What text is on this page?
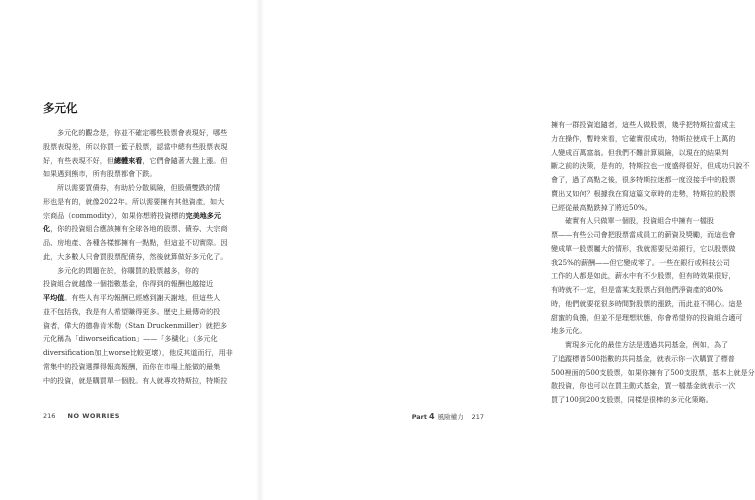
多元化
多元化的觀念是，你並不確定哪些股票會表現好，哪些
股票表現差，所以你買一籃子股票，認當中總有些股票表現
好，有些表現不好，但總體來看，它們會隨著大盤上漲。但
如果遇到熊市，所有股票都會下跌。
所以需要買債券，有助於分散風險，但股債雙跌的情
形也是有的，就像2022年。所以需要擁有其他資產，如大
宗商品（commodity），如果你想將投資標的完美地多元
化，你的投資組合應該擁有全球各地的股票、債券、大宗商
品、房地產、各種各樣都擁有一點點，但這並不切實際。因
此，大多數人只會買股票配債券，然後就算做好多元化了。
多元化的問題在於，你購買的股票越多，你的
投資組合就越像一個指數基金，你得到的報酬也越接近
平均值。有些人有平均報酬已經感到謝天謝地，但這些人
並不包括我，我是有人希望賺得更多。歷史上最傳奇的投
資者，偉大的德魯肯米勒（Stan Druckenmiller）就把多
元化稱為「diworseification」——「多穢化」（多元化
diversification加上worse比較更壞），他反其道而行，用非
常集中的投資選擇得報高報酬，而你在市場上能做的最集
中的投資，就是購買單一個股。有人就專攻特斯拉，特斯拉
216 NO WORRIES
擁有一群投資追隨者，這些人做股票，幾乎把特斯拉當成主
力在操作，暫時來看，它確實很成功，特斯拉使成千上萬的
人變成百萬富翁。但我們不難計算風險，以現在的結果判
斷之前的決策，是有的，特斯拉也一度盛得很好，但成功只說不
會了，過了高點之後，很多特斯拉迷都一度沒接手中的股票
賣出又如何？根據我在寫這篇文章時的走勢，特斯拉的股票
已經從最高點跌掉了將近50%。
確實有人只做單一個股，投資組合中擁有一檔股
票——有些公司會把股票當成員工的薪資及獎勵，而這也會
變成單一股票屬大的情形，我就需要兒弟銀行，它以股票做
我25%的薪酬——但它變成零了。一些在銀行或科技公司
工作的人都是如此，薪水中有不少股票，但有時效果很好，
有時就不一定，但是當某支股票占到他們淨資產的80%
時，他們就要花很多時間對股票的漲跌，而此並不開心。這是
甜蜜的負擔，但並不是理想狀態，你會希望你的投資組合適可
地多元化。
實現多元化的最佳方法是透過共同基金，例如，為了
了追蹤標普500指數的共同基金，就表示你一次購買了標普
500裡面的500支股票，如果你擁有了500支股票，基本上就是分
散投資，你也可以在買主動式基金，買一檔基金就表示一次
買了100到200支股票，同樣是很棒的多元化策略。
Part 4 風險權力 217
